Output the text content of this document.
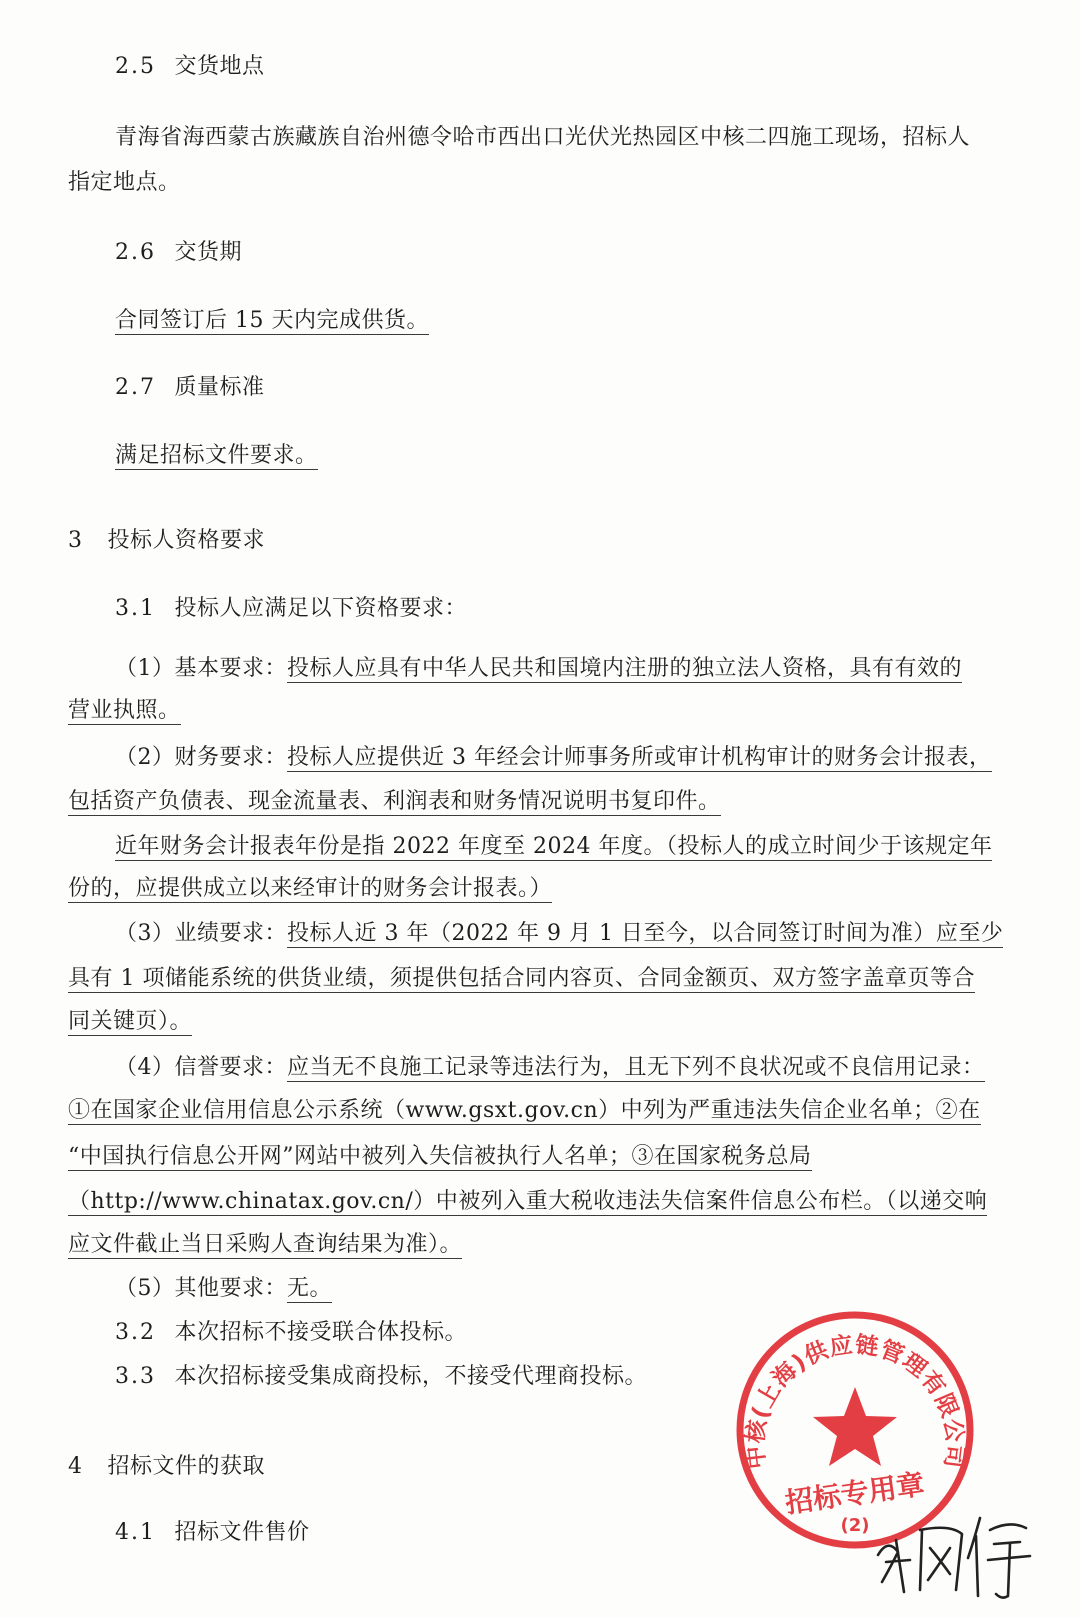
2.5 交货地点
青海省海西蒙古族藏族自治州德令哈市西出口光伏光热园区中核二四施工现场，招标人
指定地点。
2.6 交货期
合同签订后 15 天内完成供货。
2.7 质量标准
满足招标文件要求。
3 投标人资格要求
3.1 投标人应满足以下资格要求：
（1）基本要求：投标人应具有中华人民共和国境内注册的独立法人资格，具有有效的
营业执照。
（2）财务要求：投标人应提供近 3 年经会计师事务所或审计机构审计的财务会计报表，
包括资产负债表、现金流量表、利润表和财务情况说明书复印件。
近年财务会计报表年份是指 2022 年度至 2024 年度。（投标人的成立时间少于该规定年
份的，应提供成立以来经审计的财务会计报表。）
（3）业绩要求：投标人近 3 年（2022 年 9 月 1 日至今，以合同签订时间为准）应至少
具有 1 项储能系统的供货业绩，须提供包括合同内容页、合同金额页、双方签字盖章页等合
同关键页）。
（4）信誉要求：应当无不良施工记录等违法行为，且无下列不良状况或不良信用记录：
①在国家企业信用信息公示系统（www.gsxt.gov.cn）中列为严重违法失信企业名单；②在
“中国执行信息公开网”网站中被列入失信被执行人名单；③在国家税务总局
（http://www.chinatax.gov.cn/）中被列入重大税收违法失信案件信息公布栏。（以递交响
应文件截止当日采购人查询结果为准）。
（5）其他要求：无。
3.2 本次招标不接受联合体投标。
3.3 本次招标接受集成商投标，不接受代理商投标。
4 招标文件的获取
4.1 招标文件售价
中核(上海)供应链管理有限公司
招标专用章
(2)
